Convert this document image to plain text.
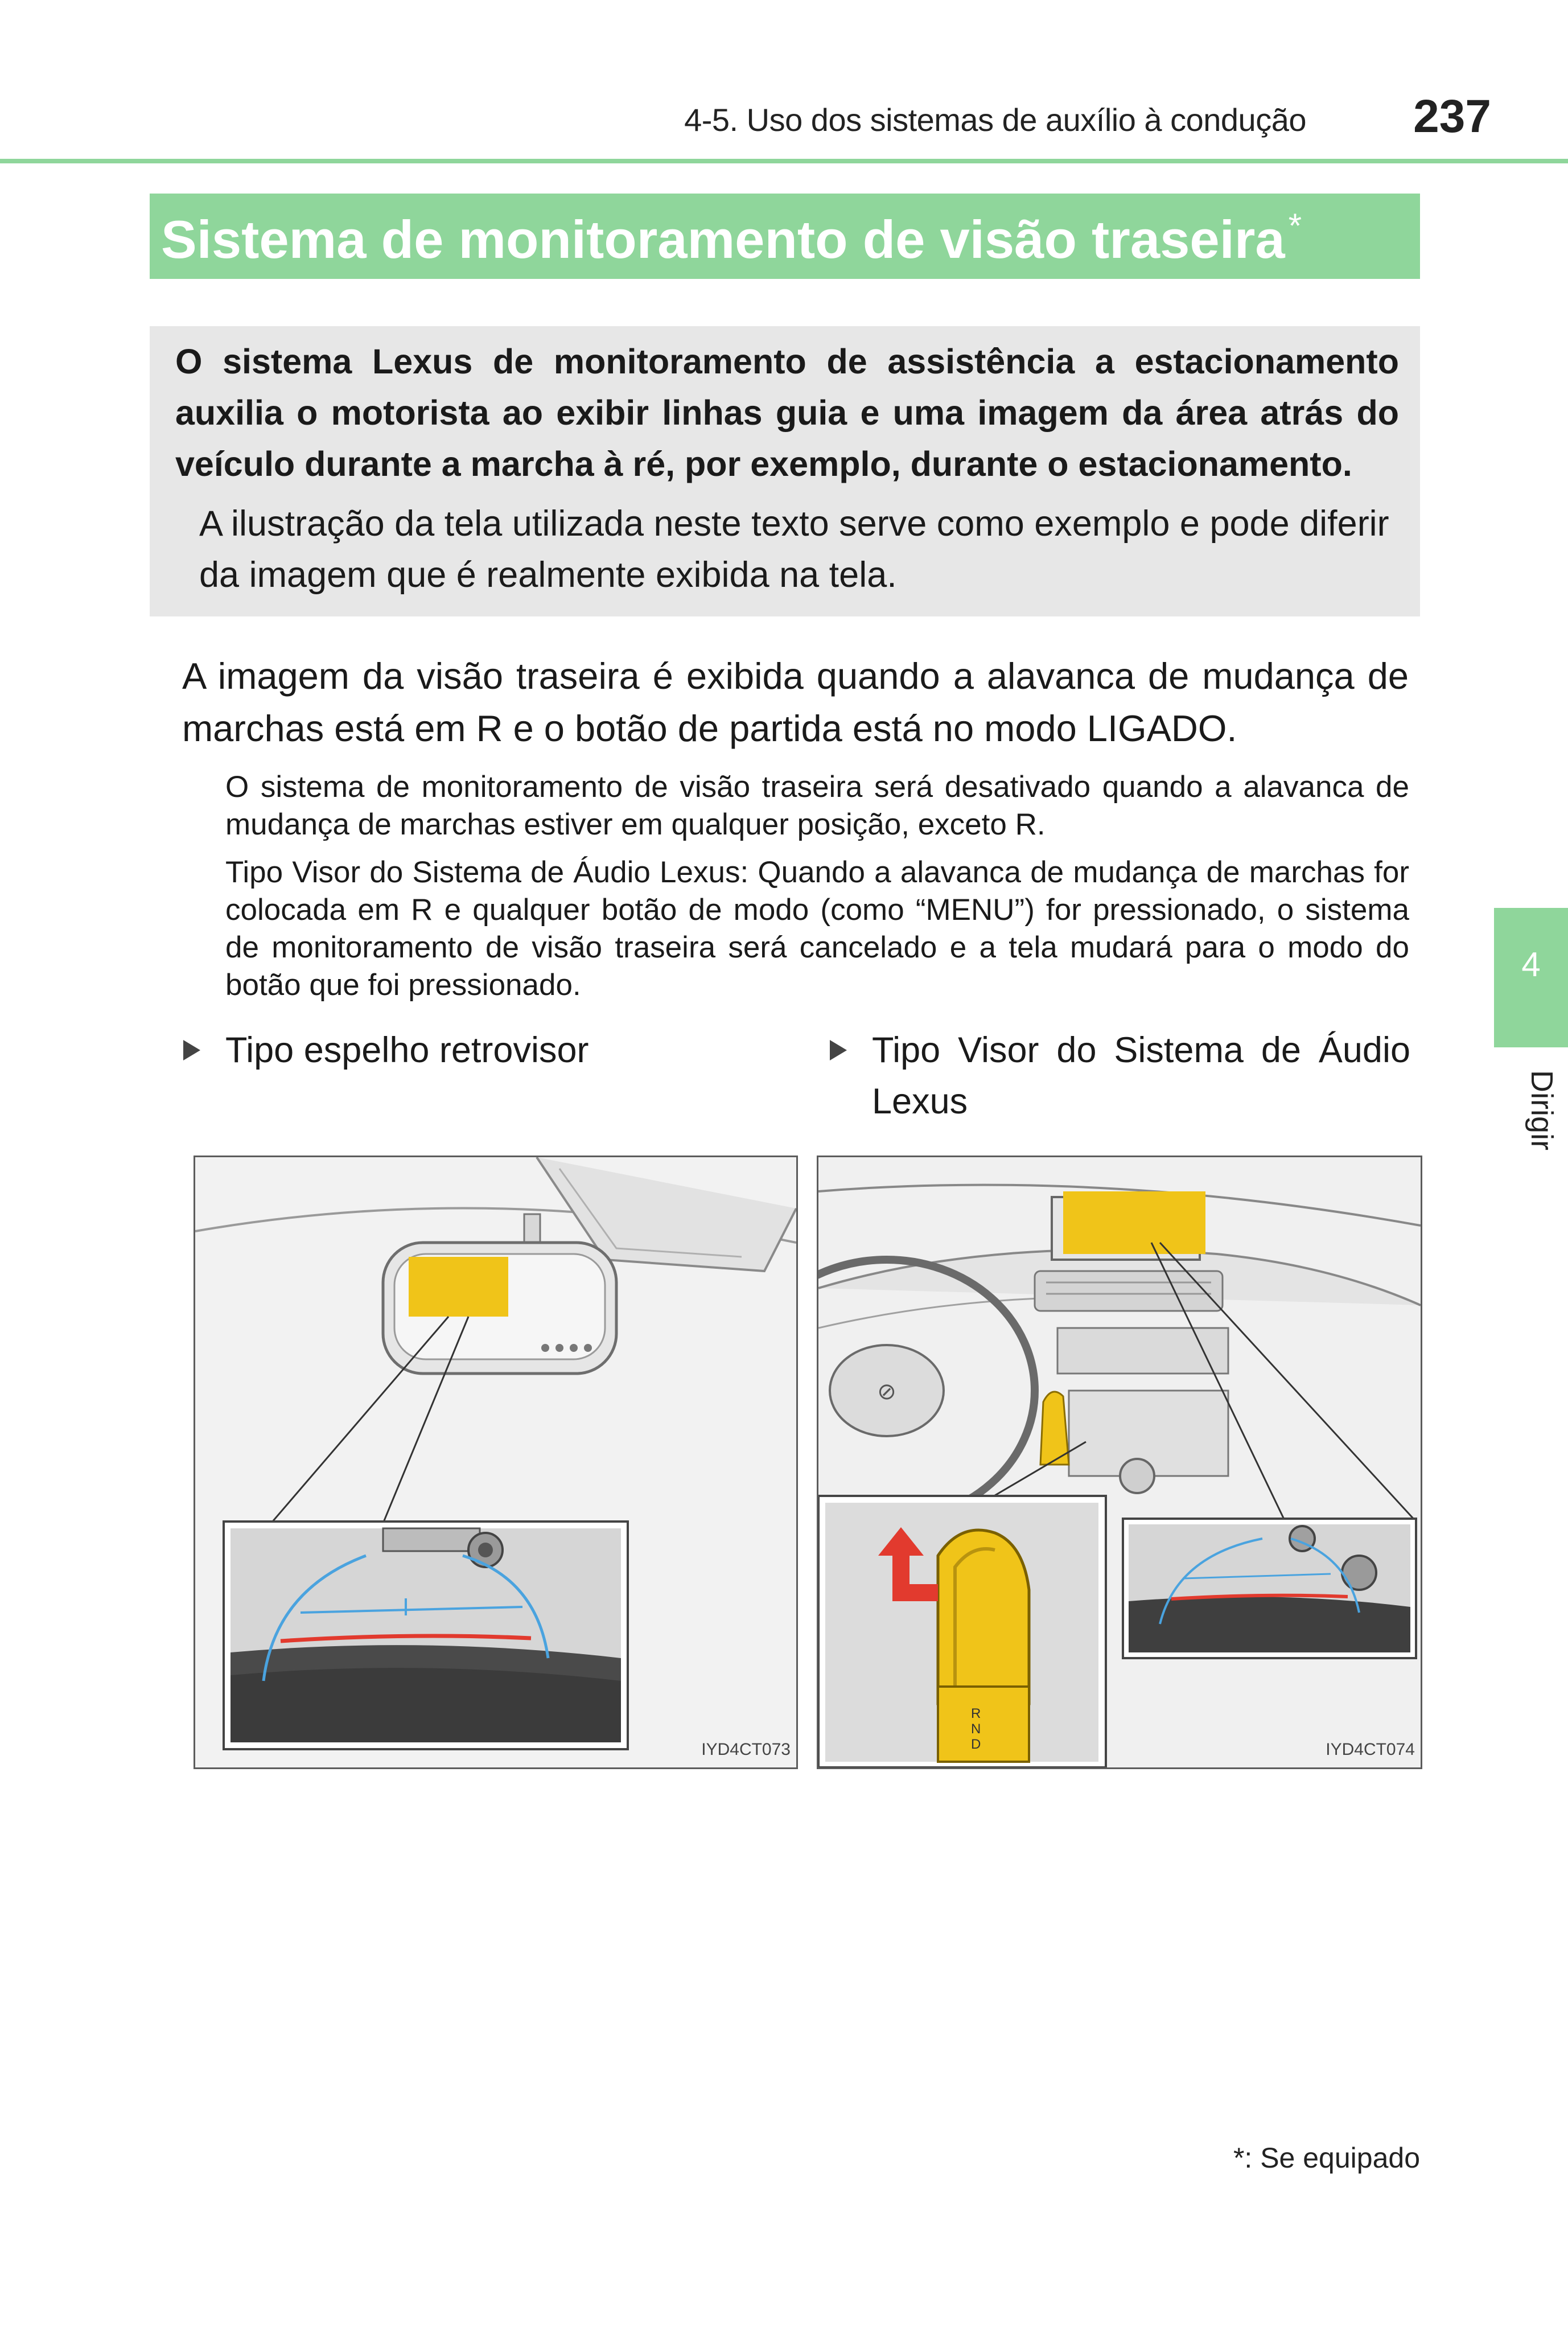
4-5. Uso dos sistemas de auxílio à condução	237
Sistema de monitoramento de visão traseira *
O sistema Lexus de monitoramento de assistência a estacionamento auxilia o motorista ao exibir linhas guia e uma imagem da área atrás do veículo durante a marcha à ré, por exemplo, durante o estacionamento.
A ilustração da tela utilizada neste texto serve como exemplo e pode diferir da imagem que é realmente exibida na tela.
A imagem da visão traseira é exibida quando a alavanca de mudança de marchas está em R e o botão de partida está no modo LIGADO.
O sistema de monitoramento de visão traseira será desativado quando a alavanca de mudança de marchas estiver em qualquer posição, exceto R.
Tipo Visor do Sistema de Áudio Lexus: Quando a alavanca de mudança de marchas for colocada em R e qualquer botão de modo (como “MENU”) for pressionado, o sistema de monitoramento de visão traseira será cancelado e a tela mudará para o modo do botão que foi pressionado.
Tipo espelho retrovisor	Tipo Visor do Sistema de Áudio Lexus
IYD4CT073
⊘
R
N
D	IYD4CT074
4
Dirigir
*: Se equipado
